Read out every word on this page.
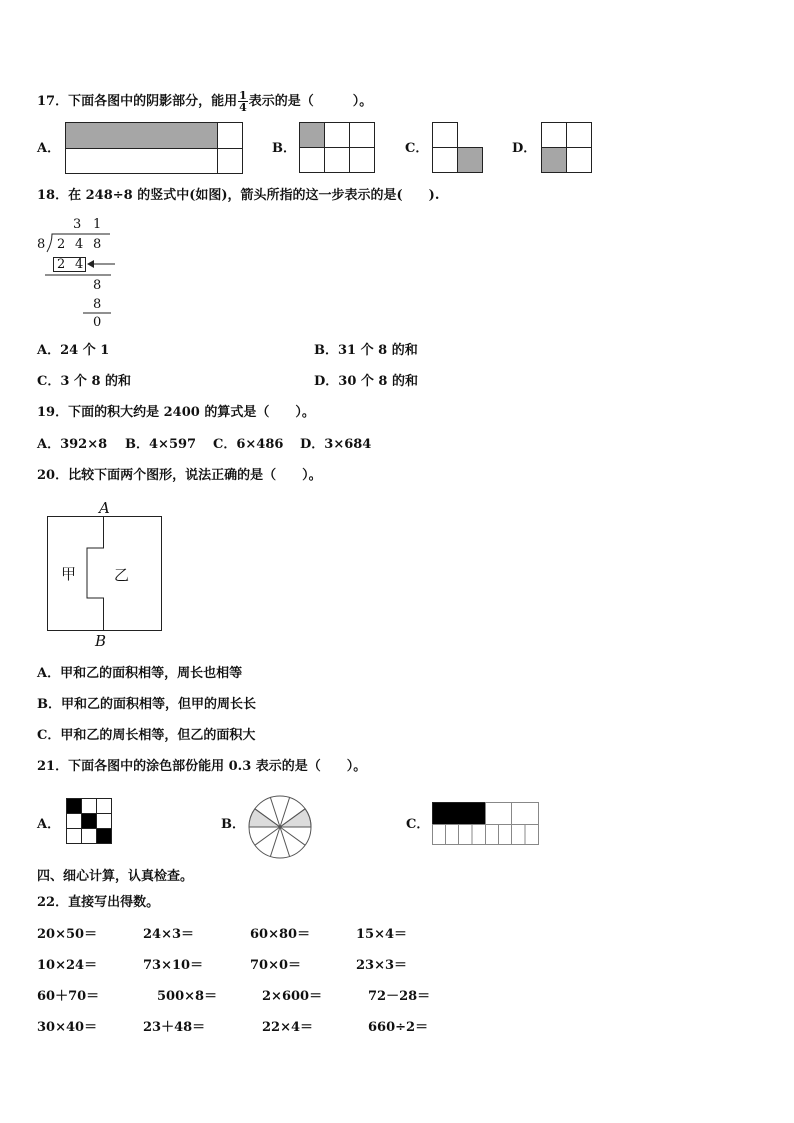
17．下面各图中的阴影部分，能用 $\frac{1}{4}$ 表示的是（　　　）。
A．	B．	C．	D．
18．在 248÷8 的竖式中(如图)，箭头所指的这一步表示的是(　　).
3 1
8 2 4 8
2 4
8
8
0
A．24 个 1	B．31 个 8 的和
C．3 个 8 的和	D．30 个 8 的和
19．下面的积大约是 2400 的算式是（　　）。
A．392×8 B．4×597 C．6×486 D．3×684
20．比较下面两个图形，说法正确的是（　　）。
A
B
甲	乙
A．甲和乙的面积相等，周长也相等
B．甲和乙的面积相等，但甲的周长长
C．甲和乙的周长相等，但乙的面积大
21．下面各图中的涂色部份能用 0.3 表示的是（　　）。
A．	B．	C．
四、细心计算，认真检查。
22．直接写出得数。
20×50＝	24×3＝	60×80＝	15×4＝
10×24＝	73×10＝	70×0＝	23×3＝
60＋70＝	500×8＝	2×600＝	72－28＝
30×40＝	23＋48＝	22×4＝	660÷2＝
